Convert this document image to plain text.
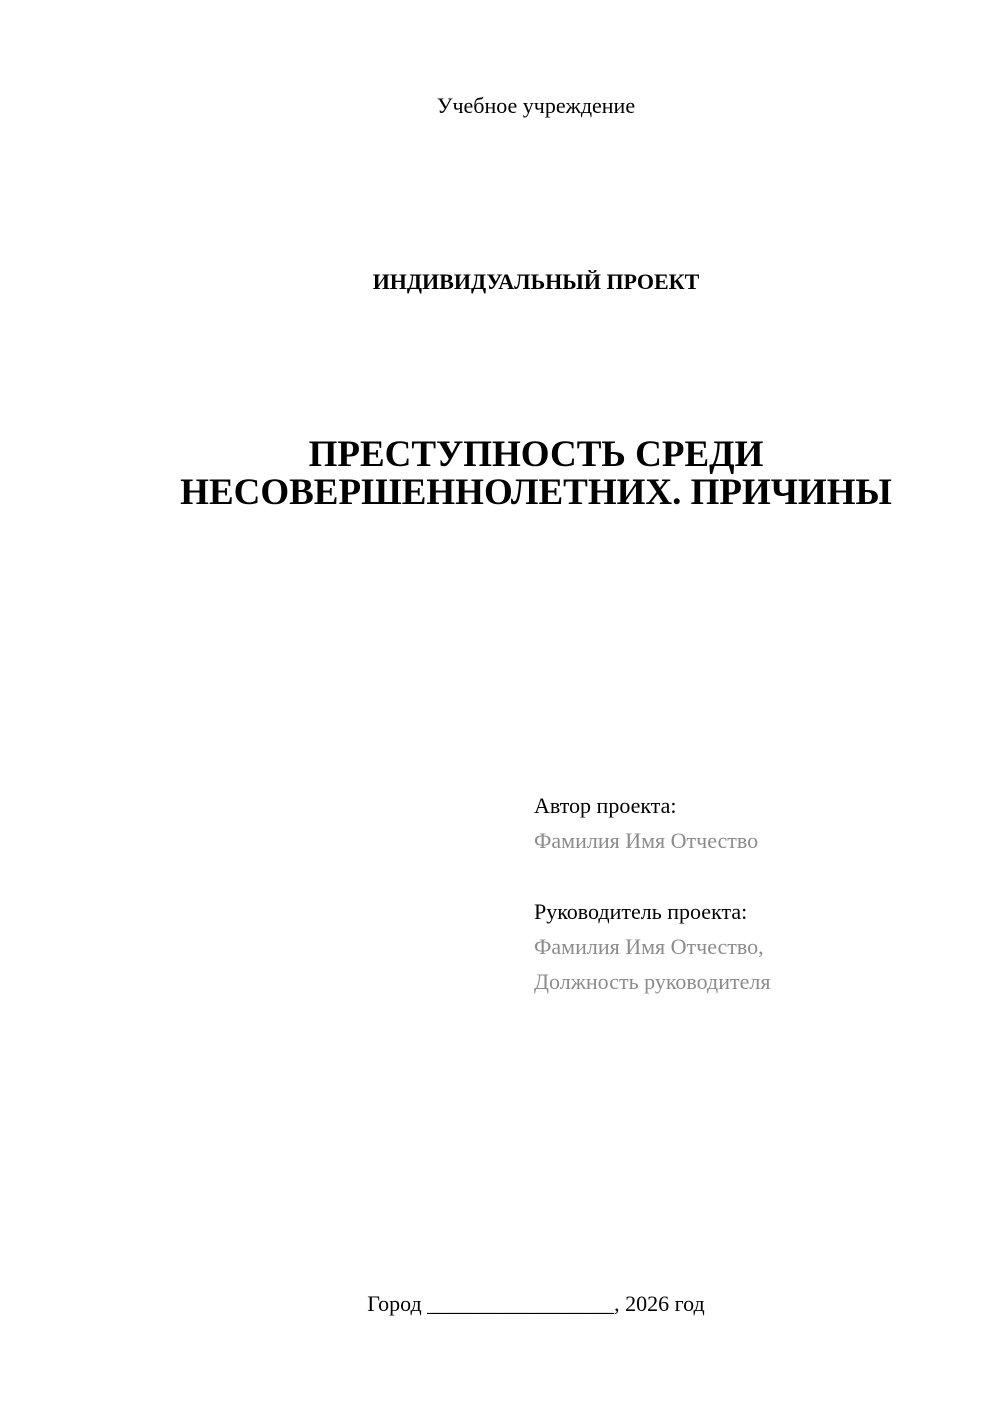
Учебное учреждение
ИНДИВИДУАЛЬНЫЙ ПРОЕКТ
ПРЕСТУПНОСТЬ СРЕДИ
НЕСОВЕРШЕННОЛЕТНИХ. ПРИЧИНЫ
Автор проекта:
Фамилия Имя Отчество
Руководитель проекта:
Фамилия Имя Отчество,
Должность руководителя
Город _________________, 2026 год
